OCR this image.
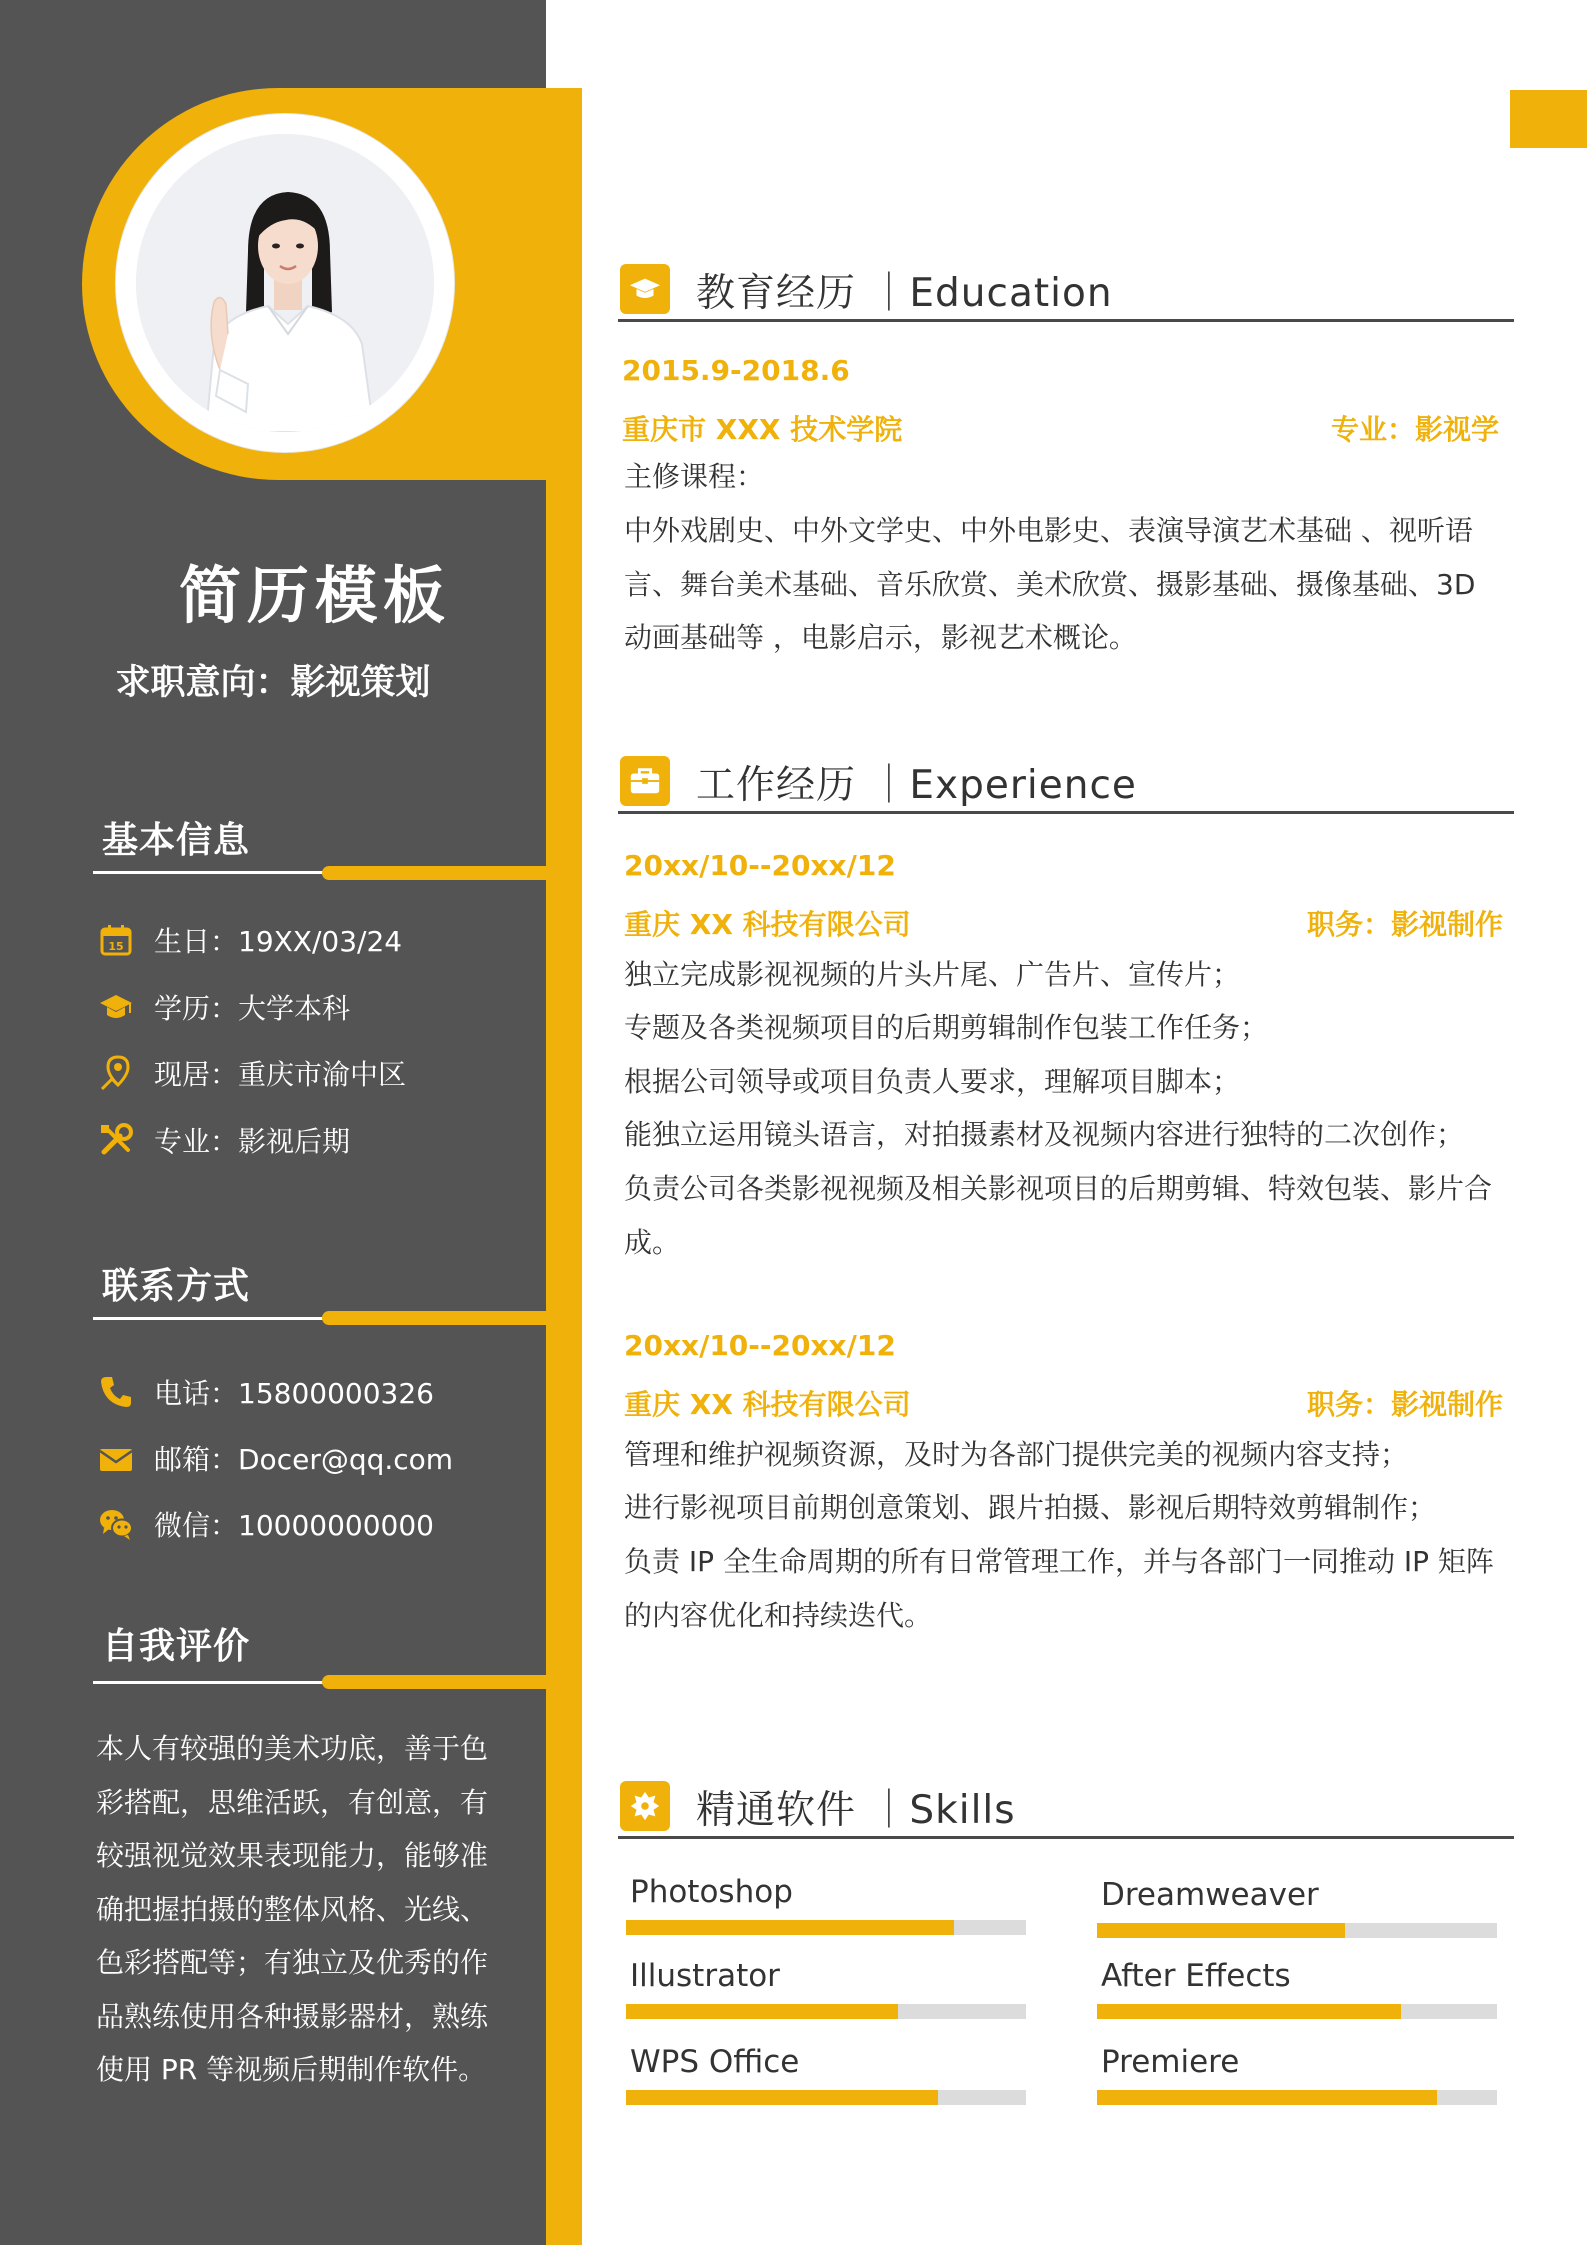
简历模板
求职意向：影视策划
基本信息
15 生日：19XX/03/24
学历：大学本科
现居：重庆市渝中区
专业：影视后期
联系方式
电话：15800000326
邮箱：Docer@qq.com
微信：10000000000
自我评价
本人有较强的美术功底，善于色彩搭配，思维活跃，有创意，有较强视觉效果表现能力，能够准确把握拍摄的整体风格、光线、色彩搭配等；有独立及优秀的作品熟练使用各种摄影器材，熟练使用 PR 等视频后期制作软件。
教育经历 ｜Education
2015.9-2018.6
重庆市 XXX 技术学院	专业：影视学
主修课程：
中外戏剧史、中外文学史、中外电影史、表演导演艺术基础 、视听语言、舞台美术基础、音乐欣赏、美术欣赏、摄影基础、摄像基础、3D 动画基础等 ，电影启示，影视艺术概论。
工作经历 ｜Experience
20xx/10--20xx/12
重庆 XX 科技有限公司	职务：影视制作
独立完成影视视频的片头片尾、广告片、宣传片；
专题及各类视频项目的后期剪辑制作包装工作任务；
根据公司领导或项目负责人要求，理解项目脚本；
能独立运用镜头语言，对拍摄素材及视频内容进行独特的二次创作；
负责公司各类影视视频及相关影视项目的后期剪辑、特效包装、影片合成。
20xx/10--20xx/12
重庆 XX 科技有限公司	职务：影视制作
管理和维护视频资源，及时为各部门提供完美的视频内容支持；
进行影视项目前期创意策划、跟片拍摄、影视后期特效剪辑制作；
负责 IP 全生命周期的所有日常管理工作，并与各部门一同推动 IP 矩阵的内容优化和持续迭代。
精通软件 ｜Skills
Photoshop	Dreamweaver
Illustrator	After Effects
WPS Office	Premiere
